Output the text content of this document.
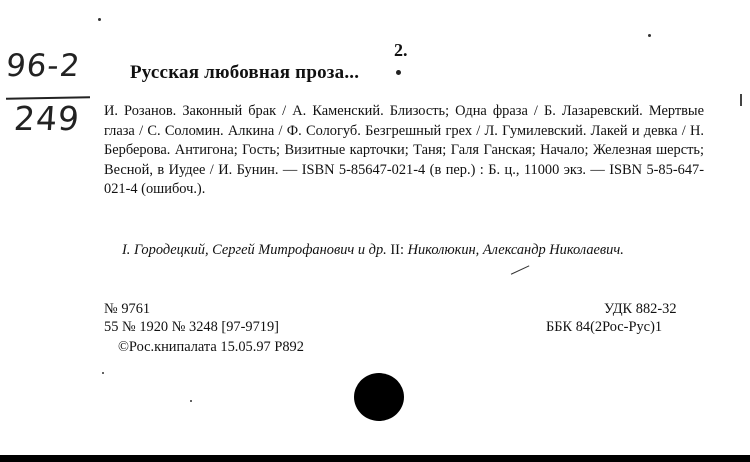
96-2
249
2.
Русская любовная проза...
И. Розанов. Законный брак / А. Каменский. Близость; Одна фраза / Б. Лазаревский. Мертвые глаза / С. Соломин. Алкина / Ф. Сологуб. Безгрешный грех / Л. Гумилевский. Лакей и девка / Н. Берберова. Антигона; Гость; Визитные карточки; Таня; Галя Ганская; Начало; Железная шерсть; Весной, в Иудее / И. Бунин. — ISBN 5-85647-021-4 (в пер.) : Б. ц., 11000 экз. — ISBN 5-85-647-021-4 (ошибоч.).
I. Городецкий, Сергей Митрофанович и др. II: Николюкин, Александр Николаевич.
№ 9761
55 № 1920 № 3248 [97-9719]
©Рос.книпалата 15.05.97 P892
УДК 882-32
ББК 84(2Рос-Рус)1
